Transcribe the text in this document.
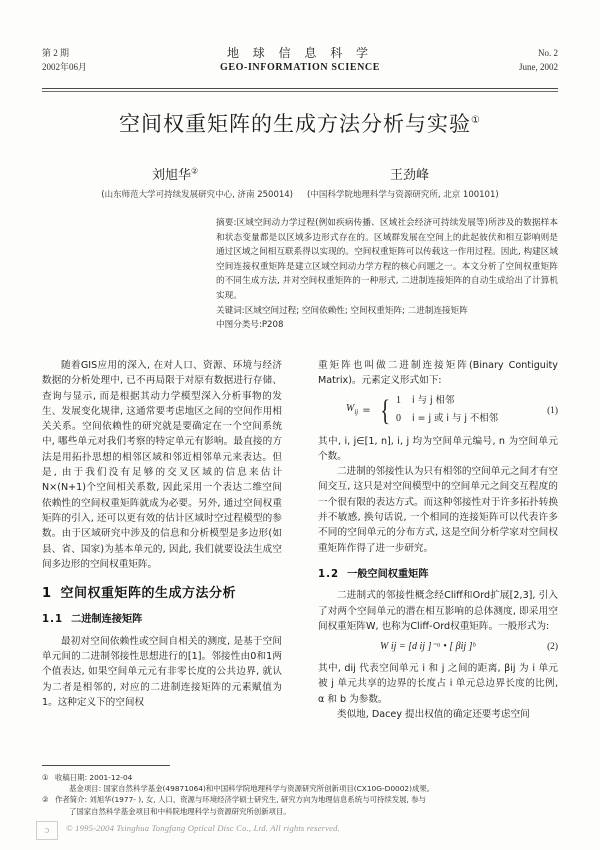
第 2 期
2002年06月
地 球 信 息 科 学
GEO-INFORMATION SCIENCE
No. 2
June, 2002
空间权重矩阵的生成方法分析与实验①
刘旭华②	王劲峰
(山东师范大学可持续发展研究中心, 济南 250014) (中国科学院地理科学与资源研究所, 北京 100101)

摘要:区域空间动力学过程(例如疾病传播、区域社会经济可持续发展等)所涉及的数据样本和状态变量都是以区域多边形式存在的。区域群发展在空间上的此起彼伏和相互影响则是通过区域之间相互联系得以实现的。空间权重矩阵可以传载这一作用过程。因此, 构建区域空间连接权重矩阵是建立区域空间动力学方程的核心问题之一。本文分析了空间权重矩阵的不同生成方法, 并对空间权重矩阵的一种形式, 二进制连接矩阵的自动生成给出了计算机实现。

关键词:区域空间过程; 空间依赖性; 空间权重矩阵; 二进制连接矩阵

中图分类号:P208

随着GIS应用的深入, 在对人口、资源、环境与经济数据的分析处理中, 已不再局限于对原有数据进行存储、查询与显示, 而是根据其动力学模型深入分析事物的发生、发展变化规律, 这通常要考虑地区之间的空间作用相关关系。空间依赖性的研究就是要确定在一个空间系统中, 哪些单元对我们考察的特定单元有影响。最直接的方法是用拓扑思想的相邻区域和邻近相邻单元来表达。但是, 由于我们没有足够的交叉区域的信息来估计N×(N+1)个空间相关系数, 因此采用一个表达二维空间依赖性的空间权重矩阵就成为必要。另外, 通过空间权重矩阵的引入, 还可以更有效的估计区域时空过程模型的参数。由于区域研究中涉及的信息和分析模型是多边形(如县、省、国家)为基本单元的, 因此, 我们就要设法生成空间多边形的空间权重矩阵。

1 空间权重矩阵的生成方法分析
1.1 二进制连接矩阵

最初对空间依赖性或空间自相关的测度, 是基于空间单元间的二进制邻接性思想进行的[1]。邻接性由0和1两个值表达, 如果空间单元元有非零长度的公共边界, 就认为二者是相邻的, 对应的二进制连接矩阵的元素赋值为1。这种定义下的空间权

重矩阵也叫做二进制连接矩阵(Binary Contiguity Matrix)。元素定义形式如下:

$W_{ij}$ = { 1	i 与 j 相邻
0	i = j 或 i 与 j 不相邻
(1)

其中, i, j∈[1, n], i, j 均为空间单元编号, n 为空间单元个数。

二进制的邻接性认为只有相邻的空间单元之间才有空间交互, 这只是对空间模型中的空间单元之间交互程度的一个很有限的表达方式。而这种邻接性对于许多拓扑转换并不敏感, 换句话说, 一个相同的连接矩阵可以代表许多不同的空间单元的分布方式, 这是空间分析学家对空间权重矩阵作得了进一步研究。

1.2 一般空间权重矩阵

二进制式的邻接性概念经Cliff和Ord扩展[2,3], 引入了对两个空间单元的潜在相互影响的总体测度, 即采用空间权重矩阵W, 也称为Cliff-Ord权重矩阵。一般形式为:

W ij = [d ij ]⁻ᵅ • [ βij ]ᵇ	(2)

其中, dij 代表空间单元 i 和 j 之间的距离, βij 为 i 单元被 j 单元共享的边界的长度占 i 单元总边界长度的比例, α 和 b 为参数。

类似地, Dacey 提出权值的确定还要考虑空间

① 收稿日期: 2001-12-04
基金项目: 国家自然科学基金(49871064)和中国科学院地理科学与资源研究所创新项目(CX10G-D0002)成果。
② 作者简介: 刘旭华(1977- ), 女, 人口、资源与环境经济学硕士研究生, 研究方向为地理信息系统与可持续发展, 参与
了国家自然科学基金项目和中科院地理科学与资源研究所创新项目。
ɔ	© 1995-2004 Tsinghua Tongfang Optical Disc Co., Ltd. All rights reserved.
